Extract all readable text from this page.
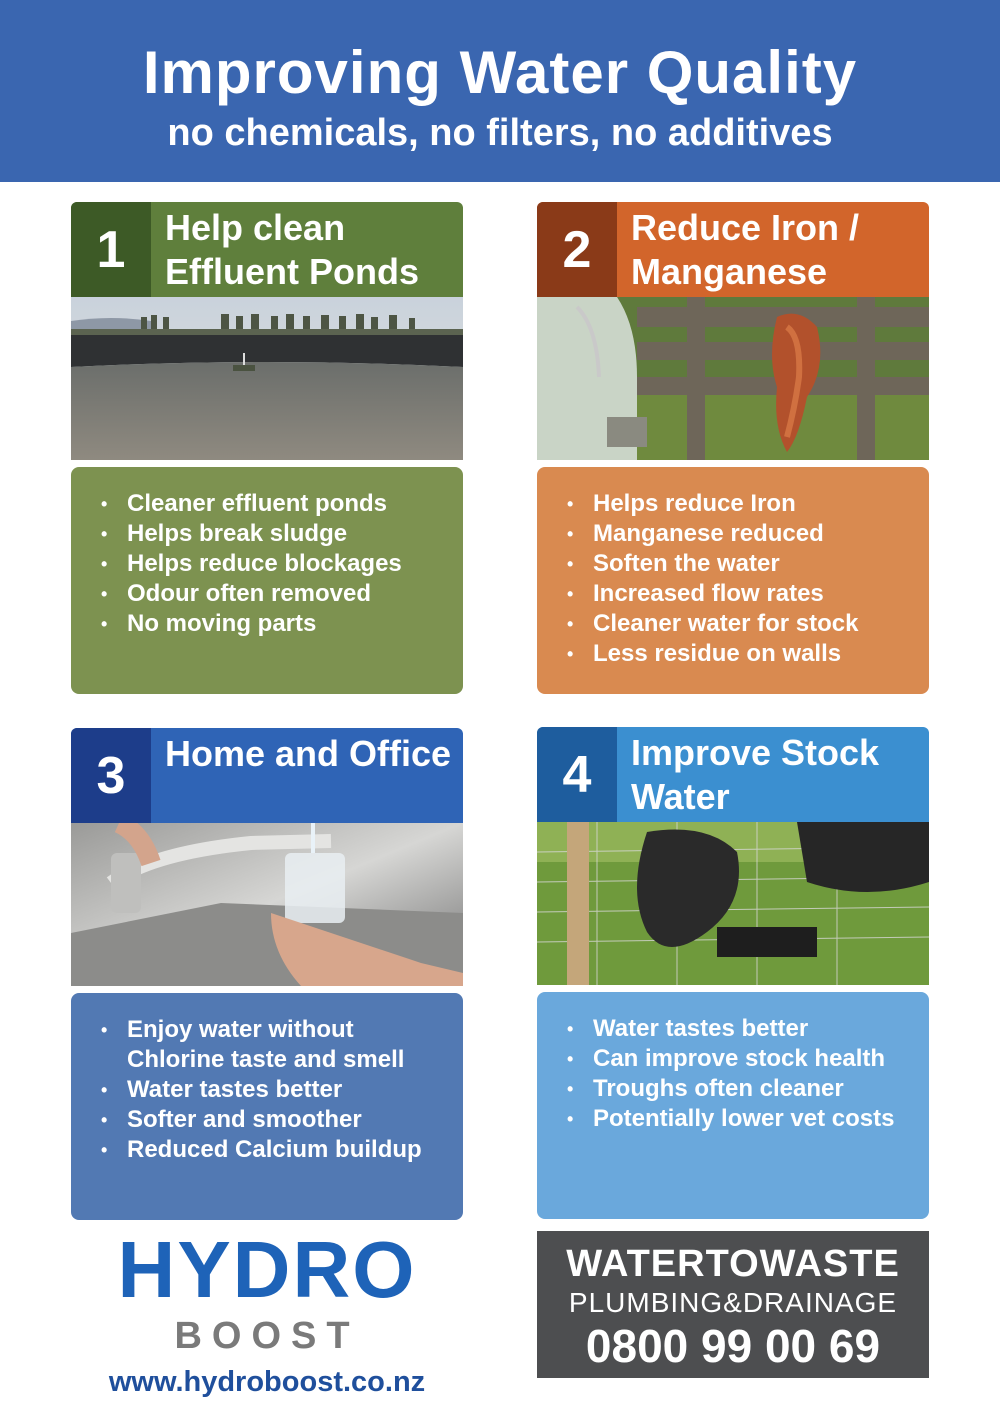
Improving Water Quality
no chemicals, no filters, no additives
1	Help clean Effluent Ponds
• Cleaner effluent ponds
• Helps break sludge
• Helps reduce blockages
• Odour often removed
• No moving parts
2	Reduce Iron / Manganese
• Helps reduce Iron
• Manganese reduced
• Soften the water
• Increased flow rates
• Cleaner water for stock
• Less residue on walls
3	Home and Office
• Enjoy water without Chlorine taste and smell
• Water tastes better
• Softer and smoother
• Reduced Calcium buildup
4	Improve Stock Water
• Water tastes better
• Can improve stock health
• Troughs often cleaner
• Potentially lower vet costs
HYDRO
BOOST
www.hydroboost.co.nz
WATERTOWASTE
PLUMBING&DRAINAGE
0800 99 00 69
